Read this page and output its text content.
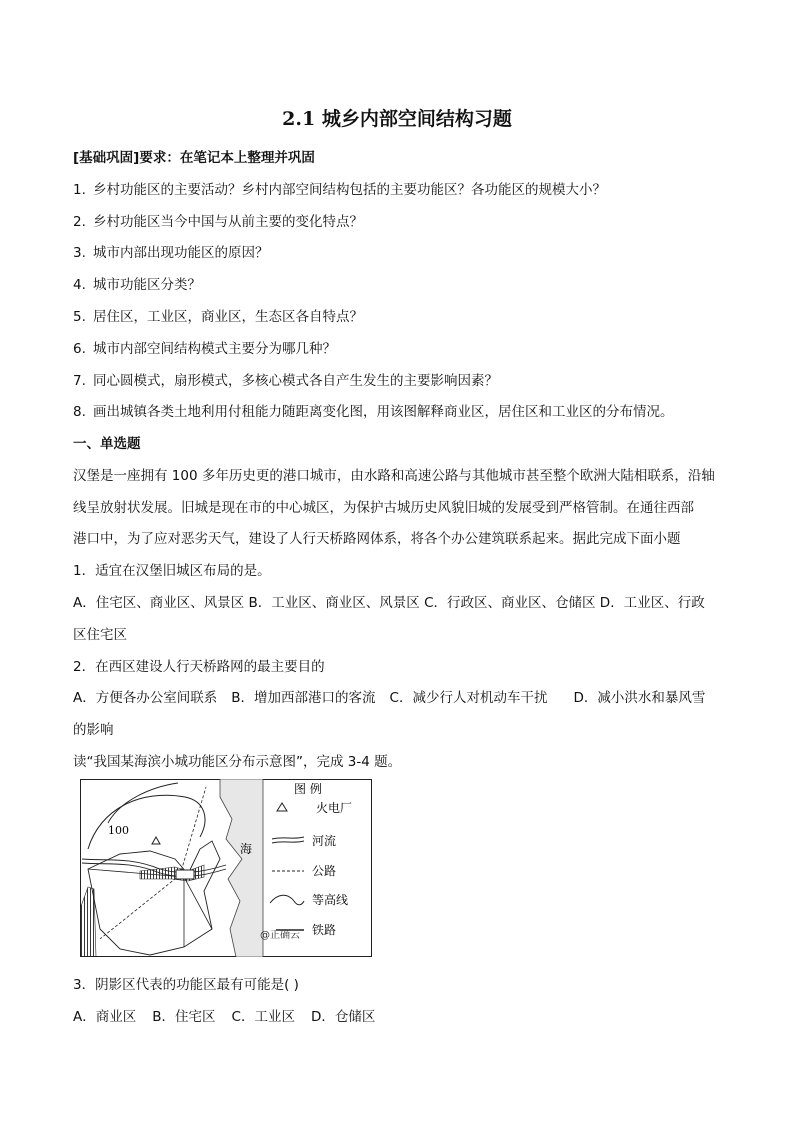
2.1 城乡内部空间结构习题
[基础巩固]要求：在笔记本上整理并巩固
1. 乡村功能区的主要活动？乡村内部空间结构包括的主要功能区？各功能区的规模大小？
2. 乡村功能区当今中国与从前主要的变化特点？
3. 城市内部出现功能区的原因？
4. 城市功能区分类？
5. 居住区，工业区，商业区，生态区各自特点？
6. 城市内部空间结构模式主要分为哪几种？
7. 同心圆模式，扇形模式，多核心模式各自产生发生的主要影响因素？
8. 画出城镇各类土地利用付租能力随距离变化图，用该图解释商业区，居住区和工业区的分布情况。
一、单选题
汉堡是一座拥有 100 多年历史更的港口城市，由水路和高速公路与其他城市甚至整个欧洲大陆相联系，沿轴
线呈放射状发展。旧城是现在市的中心城区，为保护古城历史风貌旧城的发展受到严格管制。在通往西部
港口中，为了应对恶劣天气，建设了人行天桥路网体系，将各个办公建筑联系起来。据此完成下面小题
1．适宜在汉堡旧城区布局的是。
A．住宅区、商业区、风景区 B．工业区、商业区、风景区 C．行政区、商业区、仓储区 D．工业区、行政
区住宅区
2．在西区建设人行天桥路网的最主要目的
A．方便各办公室间联系 B．增加西部港口的客流 C．减少行人对机动车干扰 D．减小洪水和暴风雪
的影响
读“我国某海滨小城功能区分布示意图”，完成 3-4 题。
100
海
图 例
火电厂
河流
公路
等高线
铁路
@正确云
3．阴影区代表的功能区最有可能是( )
A．商业区 B．住宅区 C．工业区 D．仓储区
